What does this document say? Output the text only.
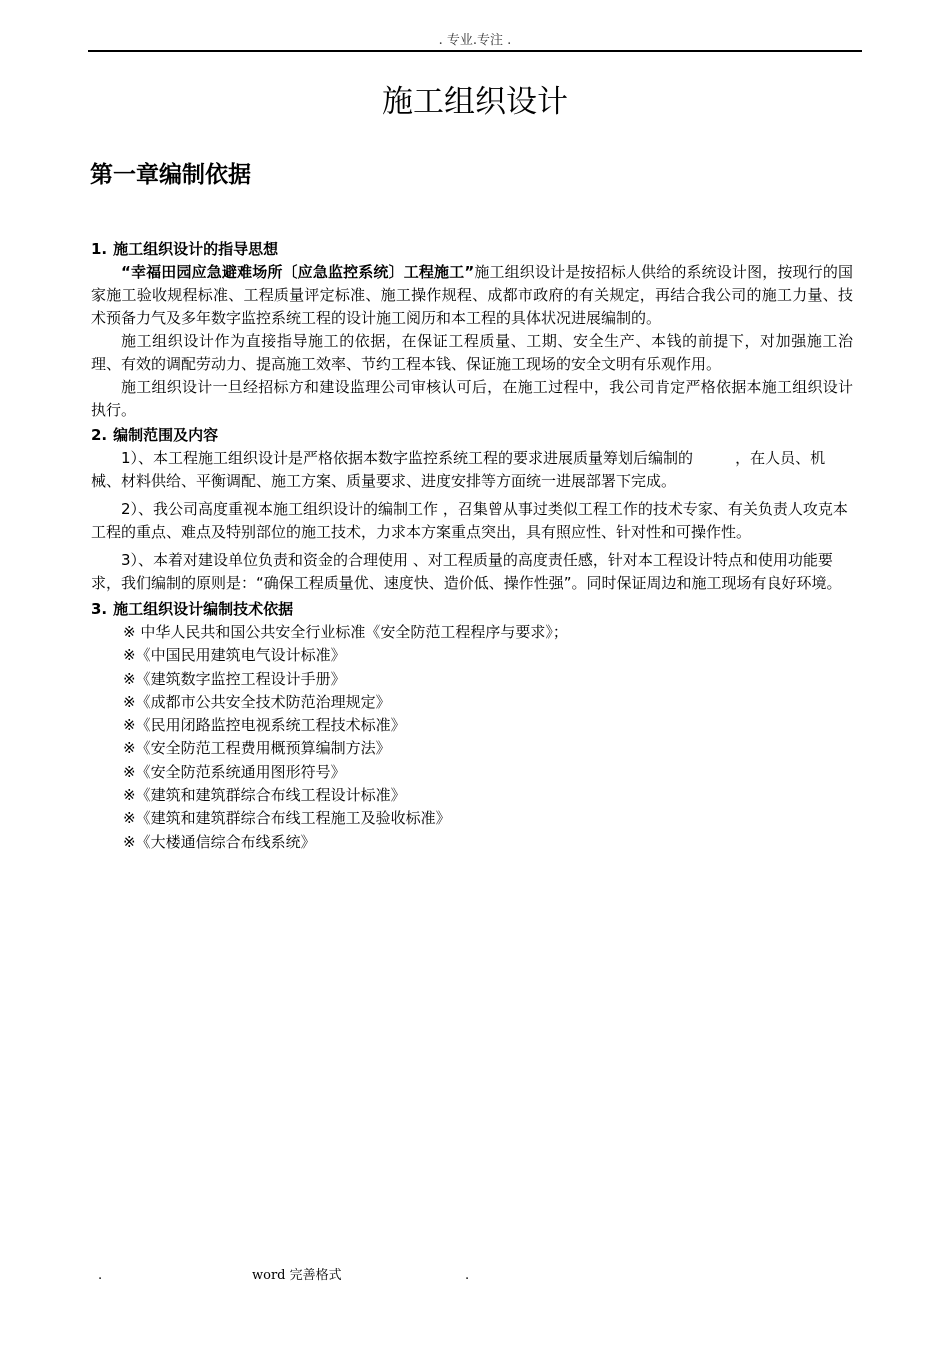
. 专业.专注 .
施工组织设计
第一章编制依据

1. 施工组织设计的指导思想

“幸福田园应急避难场所〔应急监控系统〕工程施工”施工组织设计是按招标人供给的系统设计图，按现行的国家施工验收规程标准、工程质量评定标准、施工操作规程、成都市政府的有关规定，再结合我公司的施工力量、技术预备力气及多年数字监控系统工程的设计施工阅历和本工程的具体状况进展编制的。

施工组织设计作为直接指导施工的依据，在保证工程质量、工期、安全生产、本钱的前提下，对加强施工治理、有效的调配劳动力、提高施工效率、节约工程本钱、保证施工现场的安全文明有乐观作用。

施工组织设计一旦经招标方和建设监理公司审核认可后，在施工过程中，我公司肯定严格依据本施工组织设计执行。

2. 编制范围及内容

1）、本工程施工组织设计是严格依据本数字监控系统工程的要求进展质量筹划后编制的	，在人员、机械、材料供给、平衡调配、施工方案、质量要求、进度安排等方面统一进展部署下完成。

2）、我公司高度重视本施工组织设计的编制工作 ，召集曾从事过类似工程工作的技术专家、有关负责人攻克本工程的重点、难点及特别部位的施工技术，力求本方案重点突出，具有照应性、针对性和可操作性。

3）、本着对建设单位负责和资金的合理使用 、对工程质量的高度责任感，针对本工程设计特点和使用功能要求，我们编制的原则是：“确保工程质量优、速度快、造价低、操作性强”。同时保证周边和施工现场有良好环境。

3. 施工组织设计编制技术依据

※ 中华人民共和国公共安全行业标准《安全防范工程程序与要求》；
※《中国民用建筑电气设计标准》
※《建筑数字监控工程设计手册》
※《成都市公共安全技术防范治理规定》
※《民用闭路监控电视系统工程技术标准》
※《安全防范工程费用概预算编制方法》
※《安全防范系统通用图形符号》
※《建筑和建筑群综合布线工程设计标准》
※《建筑和建筑群综合布线工程施工及验收标准》
※《大楼通信综合布线系统》
.	word 完善格式	.
